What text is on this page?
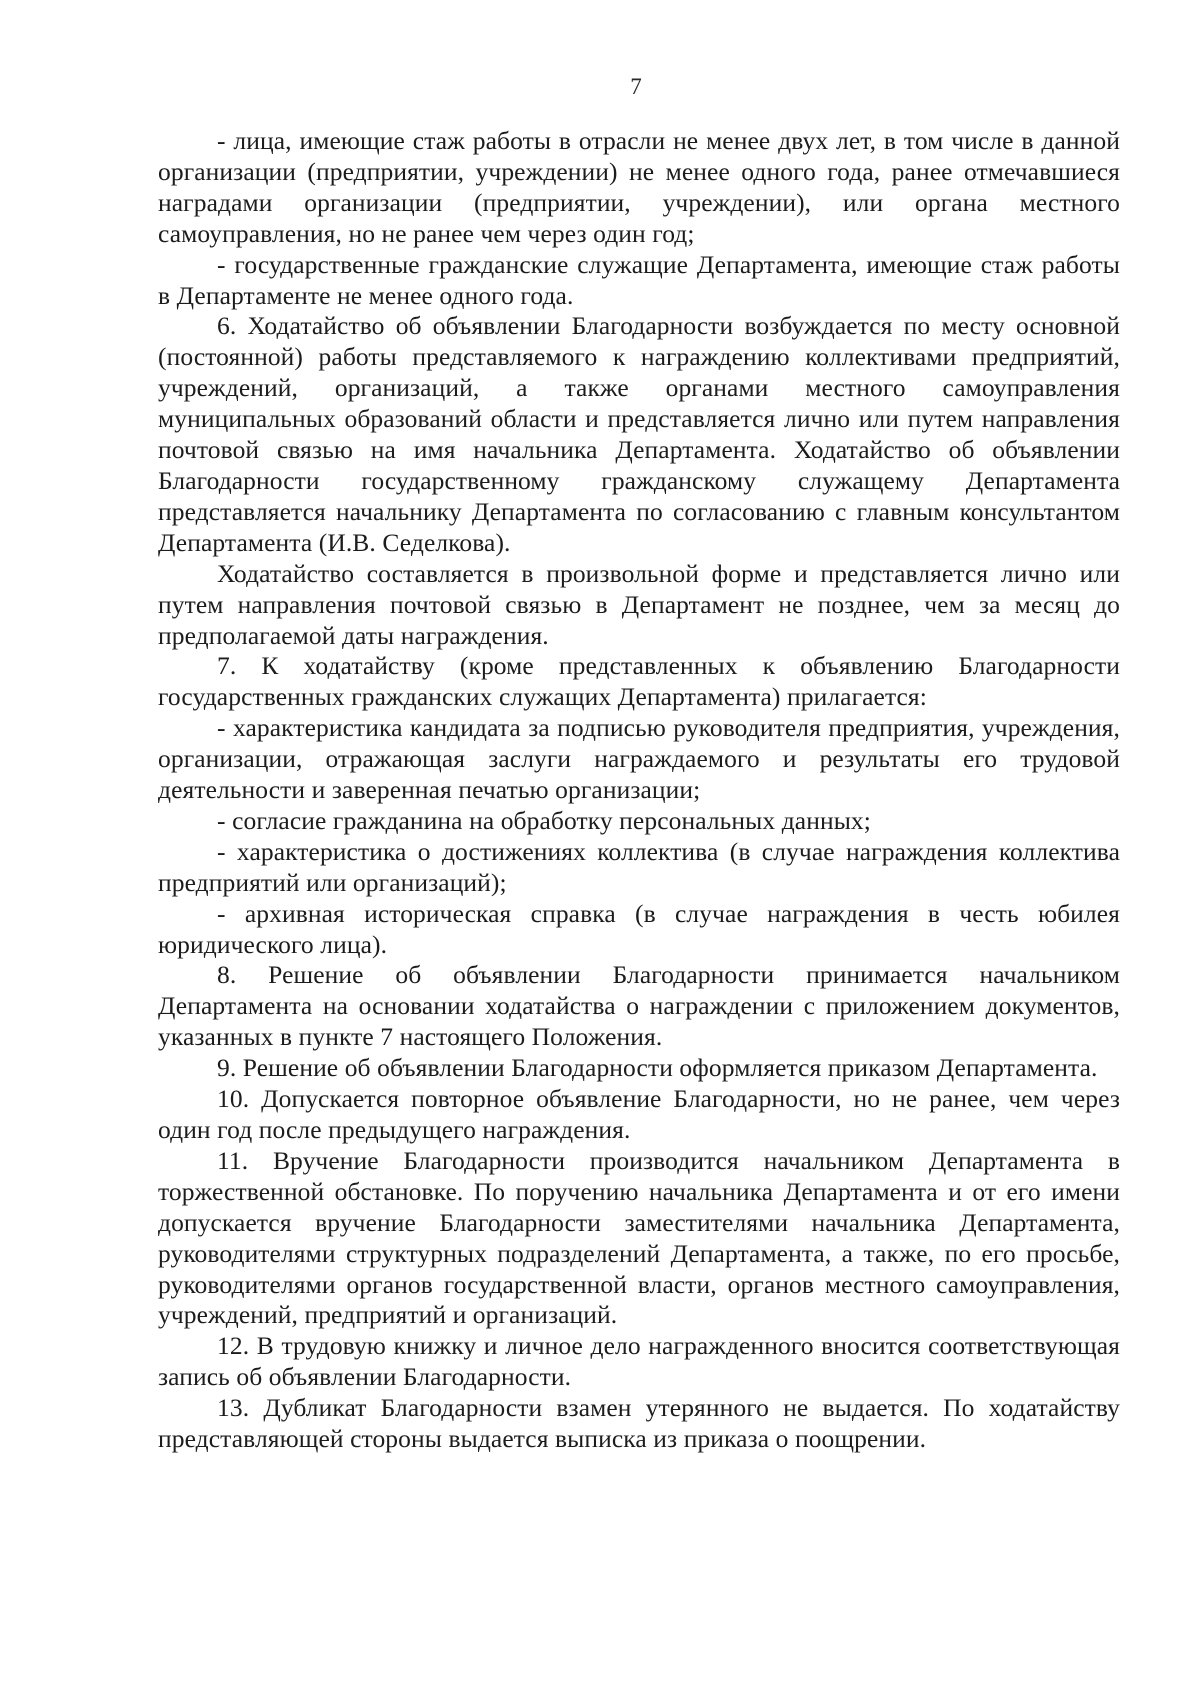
7

- лица, имеющие стаж работы в отрасли не менее двух лет, в том числе в данной организации (предприятии, учреждении) не менее одного года, ранее отмечавшиеся наградами организации (предприятии, учреждении), или органа местного самоуправления, но не ранее чем через один год;

- государственные гражданские служащие Департамента, имеющие стаж работы в Департаменте не менее одного года.

6. Ходатайство об объявлении Благодарности возбуждается по месту основной (постоянной) работы представляемого к награждению коллективами предприятий, учреждений, организаций, а также органами местного самоуправления муниципальных образований области и представляется лично или путем направления почтовой связью на имя начальника Департамента. Ходатайство об объявлении Благодарности государственному гражданскому служащему Департамента представляется начальнику Департамента по согласованию с главным консультантом Департамента (И.В. Седелкова).

Ходатайство составляется в произвольной форме и представляется лично или путем направления почтовой связью в Департамент не позднее, чем за месяц до предполагаемой даты награждения.

7. К ходатайству (кроме представленных к объявлению Благодарности государственных гражданских служащих Департамента) прилагается:

- характеристика кандидата за подписью руководителя предприятия, учреждения, организации, отражающая заслуги награждаемого и результаты его трудовой деятельности и заверенная печатью организации;

- согласие гражданина на обработку персональных данных;

- характеристика о достижениях коллектива (в случае награждения коллектива предприятий или организаций);

- архивная историческая справка (в случае награждения в честь юбилея юридического лица).

8. Решение об объявлении Благодарности принимается начальником Департамента на основании ходатайства о награждении с приложением документов, указанных в пункте 7 настоящего Положения.

9. Решение об объявлении Благодарности оформляется приказом Департамента.

10. Допускается повторное объявление Благодарности, но не ранее, чем через один год после предыдущего награждения.

11. Вручение Благодарности производится начальником Департамента в торжественной обстановке. По поручению начальника Департамента и от его имени допускается вручение Благодарности заместителями начальника Департамента, руководителями структурных подразделений Департамента, а также, по его просьбе, руководителями органов государственной власти, органов местного самоуправления, учреждений, предприятий и организаций.

12. В трудовую книжку и личное дело награжденного вносится соответствующая запись об объявлении Благодарности.

13. Дубликат Благодарности взамен утерянного не выдается. По ходатайству представляющей стороны выдается выписка из приказа о поощрении.
